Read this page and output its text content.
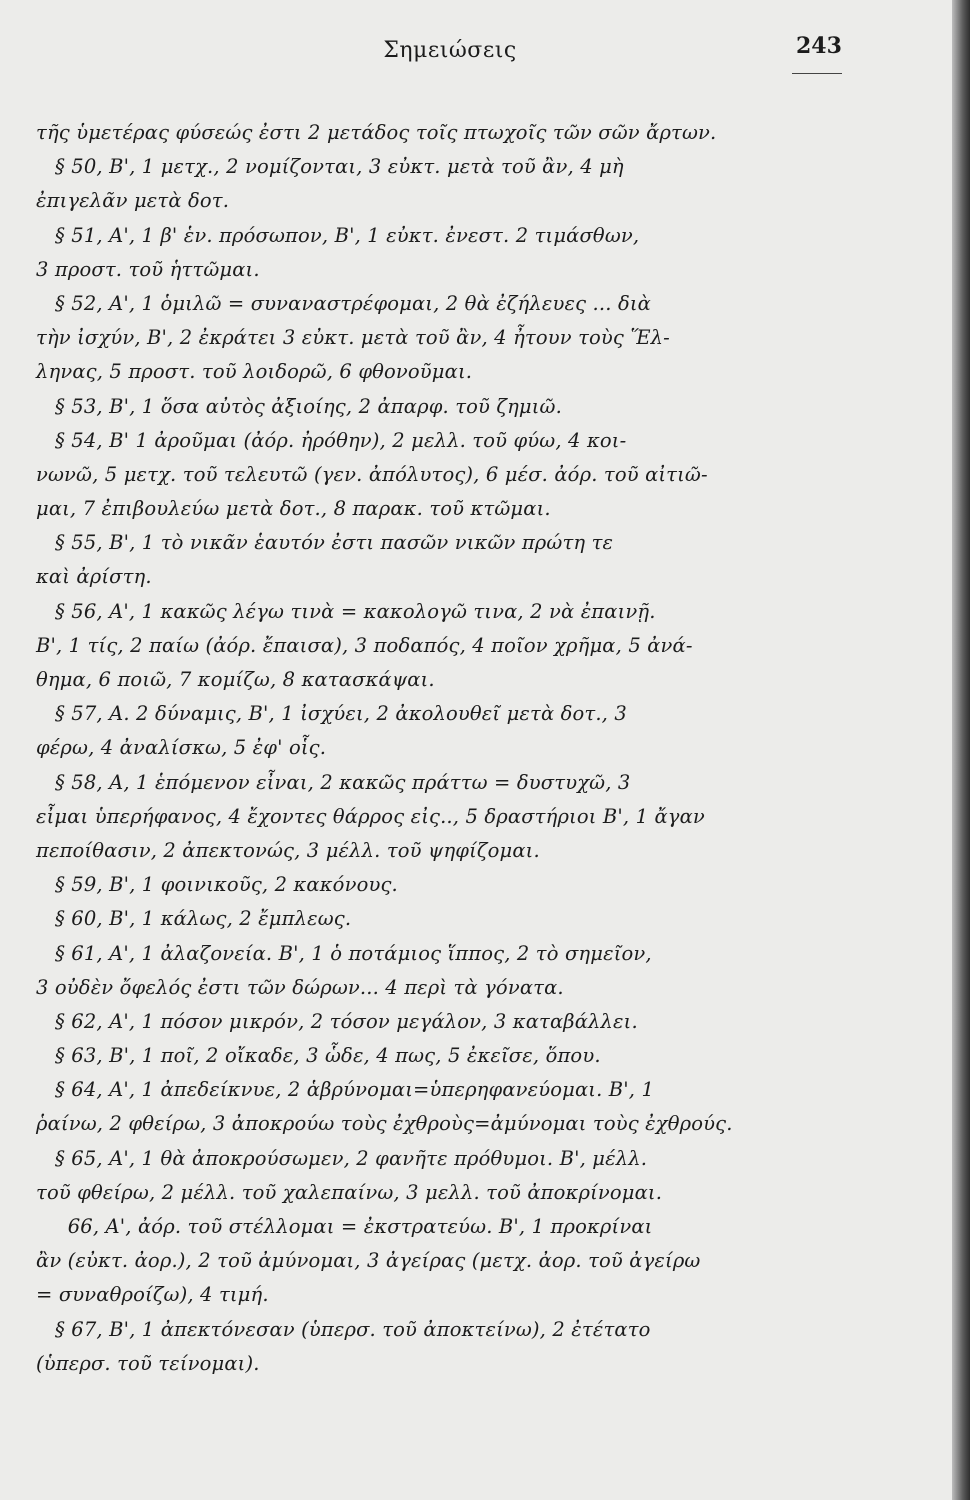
Σημειώσεις	243
τῆς ὑμετέρας φύσεώς ἐστι 2 μετάδος τοῖς πτωχοῖς τῶν σῶν ἄρτων.
§ 50, Β', 1 μετχ., 2 νομίζονται, 3 εὐκτ. μετὰ τοῦ ἂν, 4 μὴ
ἐπιγελᾶν μετὰ δοτ.
§ 51, Α', 1 β' ἑν. πρόσωπον, Β', 1 εὐκτ. ἐνεστ. 2 τιμάσθων,
3 προστ. τοῦ ἡττῶμαι.
§ 52, Α', 1 ὁμιλῶ = συναναστρέφομαι, 2 θὰ ἐζήλευες ... διὰ
τὴν ἰσχύν, Β', 2 ἐκράτει 3 εὐκτ. μετὰ τοῦ ἂν, 4 ἦτουν τοὺς Ἕλ-
ληνας, 5 προστ. τοῦ λοιδορῶ, 6 φθονοῦμαι.
§ 53, Β', 1 ὅσα αὐτὸς ἀξιοίης, 2 ἀπαρφ. τοῦ ζημιῶ.
§ 54, Β' 1 ἀροῦμαι (ἀόρ. ἠρόθην), 2 μελλ. τοῦ φύω, 4 κοι-
νωνῶ, 5 μετχ. τοῦ τελευτῶ (γεν. ἀπόλυτος), 6 μέσ. ἀόρ. τοῦ αἰτιῶ-
μαι, 7 ἐπιβουλεύω μετὰ δοτ., 8 παρακ. τοῦ κτῶμαι.
§ 55, Β', 1 τὸ νικᾶν ἑαυτόν ἐστι πασῶν νικῶν πρώτη τε
καὶ ἀρίστη.
§ 56, Α', 1 κακῶς λέγω τινὰ = κακολογῶ τινα, 2 νὰ ἐπαινῇ.
Β', 1 τίς, 2 παίω (ἀόρ. ἔπαισα), 3 ποδαπός, 4 ποῖον χρῆμα, 5 ἀνά-
θημα, 6 ποιῶ, 7 κομίζω, 8 κατασκάψαι.
§ 57, Α. 2 δύναμις, Β', 1 ἰσχύει, 2 ἀκολουθεῖ μετὰ δοτ., 3
φέρω, 4 ἀναλίσκω, 5 ἐφ' οἷς.
§ 58, Α, 1 ἑπόμενον εἶναι, 2 κακῶς πράττω = δυστυχῶ, 3
εἶμαι ὑπερήφανος, 4 ἔχοντες θάρρος εἰς.., 5 δραστήριοι Β', 1 ἄγαν
πεποίθασιν, 2 ἀπεκτονώς, 3 μέλλ. τοῦ ψηφίζομαι.
§ 59, Β', 1 φοινικοῦς, 2 κακόνους.
§ 60, Β', 1 κάλως, 2 ἔμπλεως.
§ 61, Α', 1 ἀλαζονεία. Β', 1 ὁ ποτάμιος ἵππος, 2 τὸ σημεῖον,
3 οὐδὲν ὄφελός ἐστι τῶν δώρων... 4 περὶ τὰ γόνατα.
§ 62, Α', 1 πόσον μικρόν, 2 τόσον μεγάλον, 3 καταβάλλει.
§ 63, Β', 1 ποῖ, 2 οἴκαδε, 3 ὧδε, 4 πως, 5 ἐκεῖσε, ὅπου.
§ 64, Α', 1 ἀπεδείκνυε, 2 ἁβρύνομαι=ὑπερηφανεύομαι. Β', 1
ῥαίνω, 2 φθείρω, 3 ἀποκρούω τοὺς ἐχθροὺς=ἀμύνομαι τοὺς ἐχθρούς.
§ 65, Α', 1 θὰ ἀποκρούσωμεν, 2 φανῆτε πρόθυμοι. Β', μέλλ.
τοῦ φθείρω, 2 μέλλ. τοῦ χαλεπαίνω, 3 μελλ. τοῦ ἀποκρίνομαι.
66, Α', ἀόρ. τοῦ στέλλομαι = ἐκστρατεύω. Β', 1 προκρίναι
ἂν (εὐκτ. ἀορ.), 2 τοῦ ἀμύνομαι, 3 ἀγείρας (μετχ. ἀορ. τοῦ ἀγείρω
= συναθροίζω), 4 τιμή.
§ 67, Β', 1 ἀπεκτόνεσαν (ὑπερσ. τοῦ ἀποκτείνω), 2 ἐτέτατο
(ὑπερσ. τοῦ τείνομαι).
